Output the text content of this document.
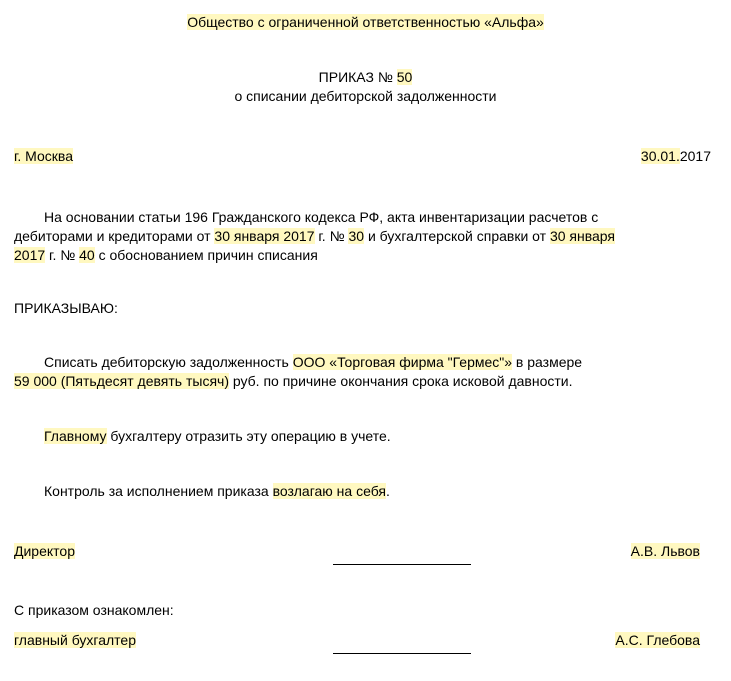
Общество с ограниченной ответственностью «Альфа»
ПРИКАЗ № 50
о списании дебиторской задолженности
г. Москва	30.01.2017
На основании статьи 196 Гражданского кодекса РФ, акта инвентаризации расчетов с
дебиторами и кредиторами от 30 января 2017 г. № 30 и бухгалтерской справки от 30 января
2017 г. № 40 с обоснованием причин списания
ПРИКАЗЫВАЮ:
Списать дебиторскую задолженность ООО «Торговая фирма "Гермес"» в размере
59 000 (Пятьдесят девять тысяч) руб. по причине окончания срока исковой давности.
Главному бухгалтеру отразить эту операцию в учете.
Контроль за исполнением приказа возлагаю на себя.
Директор	А.В. Львов
С приказом ознакомлен:
главный бухгалтер	А.С. Глебова
